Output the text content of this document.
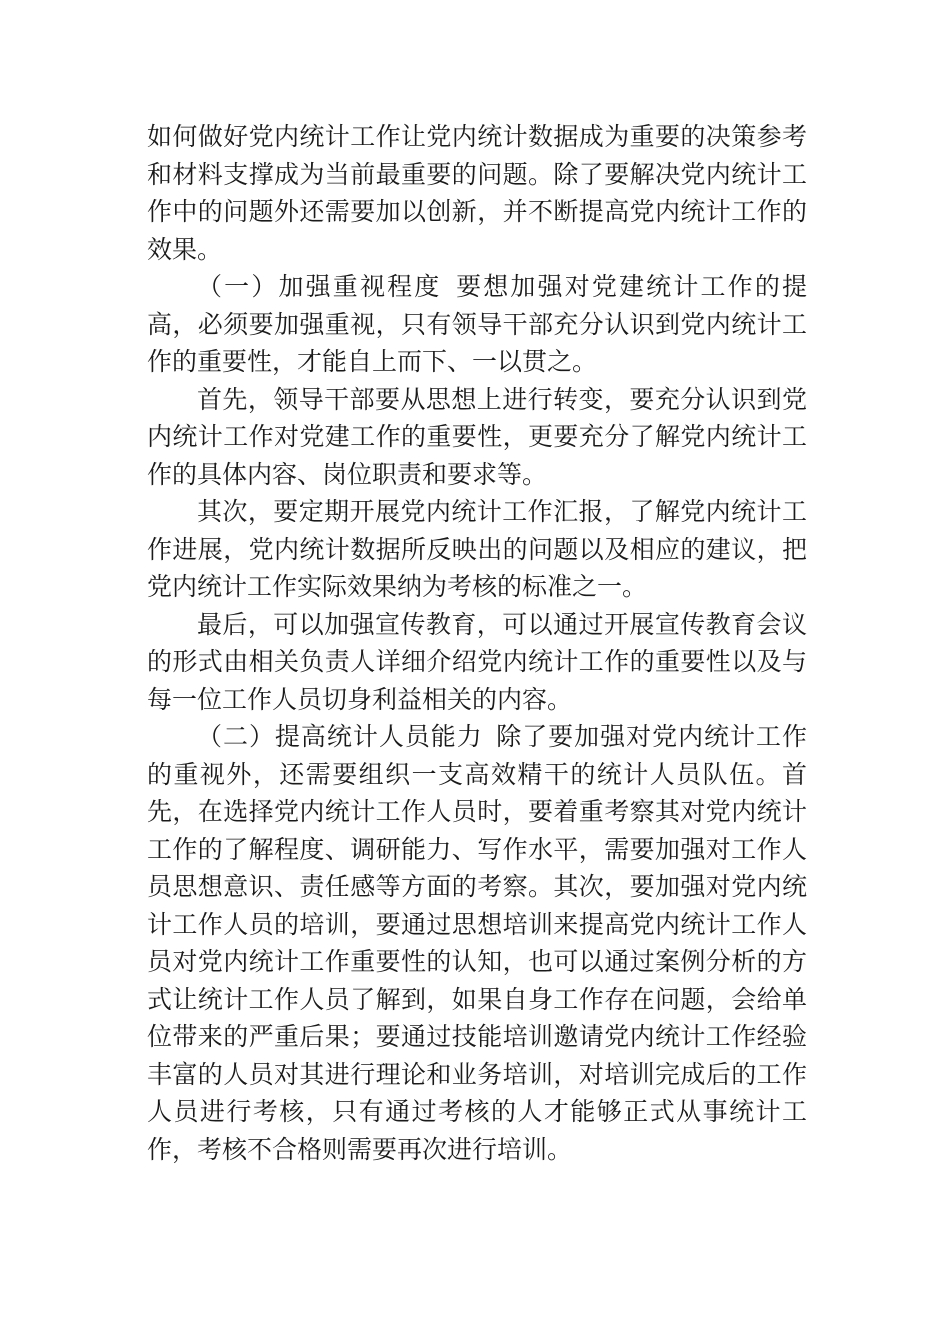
如何做好党内统计工作让党内统计数据成为重要的决策参考和材料支撑成为当前最重要的问题。除了要解决党内统计工作中的问题外还需要加以创新，并不断提高党内统计工作的效果。

（一）加强重视程度 要想加强对党建统计工作的提高，必须要加强重视，只有领导干部充分认识到党内统计工作的重要性，才能自上而下、一以贯之。

首先，领导干部要从思想上进行转变，要充分认识到党内统计工作对党建工作的重要性，更要充分了解党内统计工作的具体内容、岗位职责和要求等。

其次，要定期开展党内统计工作汇报，了解党内统计工作进展，党内统计数据所反映出的问题以及相应的建议，把党内统计工作实际效果纳为考核的标准之一。

最后，可以加强宣传教育，可以通过开展宣传教育会议的形式由相关负责人详细介绍党内统计工作的重要性以及与每一位工作人员切身利益相关的内容。

（二）提高统计人员能力 除了要加强对党内统计工作的重视外，还需要组织一支高效精干的统计人员队伍。首先，在选择党内统计工作人员时，要着重考察其对党内统计工作的了解程度、调研能力、写作水平，需要加强对工作人员思想意识、责任感等方面的考察。其次，要加强对党内统计工作人员的培训，要通过思想培训来提高党内统计工作人员对党内统计工作重要性的认知，也可以通过案例分析的方式让统计工作人员了解到，如果自身工作存在问题，会给单位带来的严重后果；要通过技能培训邀请党内统计工作经验丰富的人员对其进行理论和业务培训，对培训完成后的工作人员进行考核，只有通过考核的人才能够正式从事统计工作，考核不合格则需要再次进行培训。
